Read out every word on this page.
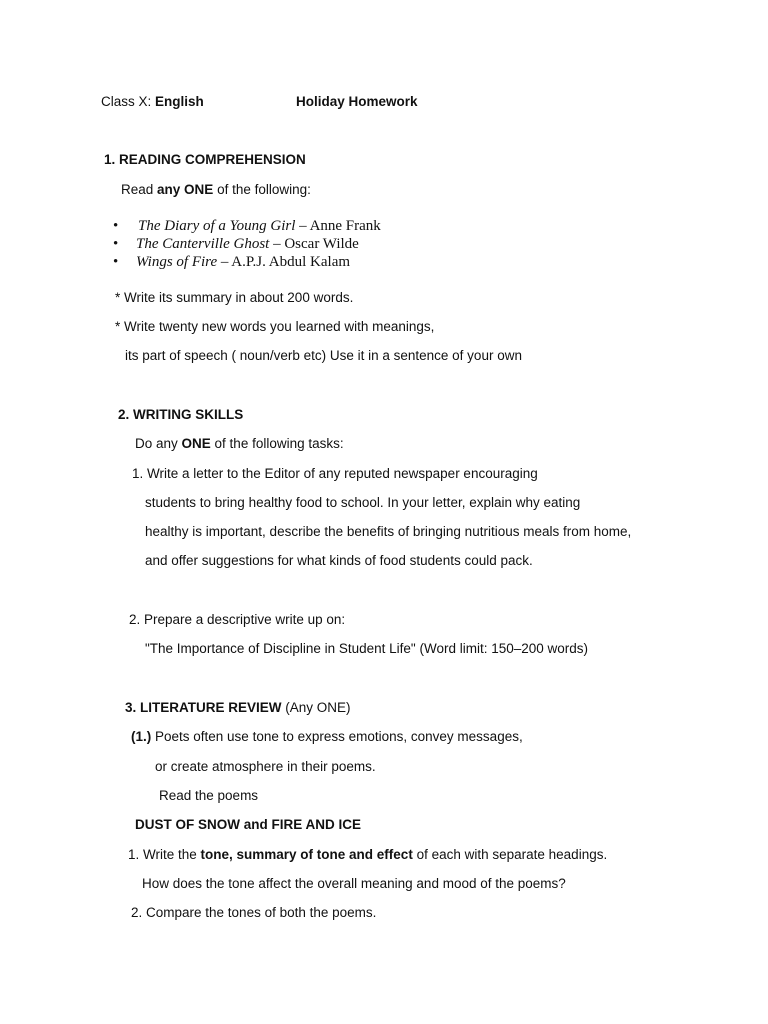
Class X: English	Holiday Homework
1. READING COMPREHENSION
Read any ONE of the following:
• The Diary of a Young Girl – Anne Frank
• The Canterville Ghost – Oscar Wilde
• Wings of Fire – A.P.J. Abdul Kalam
* Write its summary in about 200 words.
* Write twenty new words you learned with meanings,
its part of speech ( noun/verb etc) Use it in a sentence of your own
2. WRITING SKILLS
Do any ONE of the following tasks:
1. Write a letter to the Editor of any reputed newspaper encouraging
students to bring healthy food to school. In your letter, explain why eating
healthy is important, describe the benefits of bringing nutritious meals from home,
and offer suggestions for what kinds of food students could pack.
2. Prepare a descriptive write up on:
"The Importance of Discipline in Student Life" (Word limit: 150–200 words)
3. LITERATURE REVIEW (Any ONE)
(1.) Poets often use tone to express emotions, convey messages,
or create atmosphere in their poems.
Read the poems
DUST OF SNOW and FIRE AND ICE
1. Write the tone, summary of tone and effect of each with separate headings.
How does the tone affect the overall meaning and mood of the poems?
2. Compare the tones of both the poems.
